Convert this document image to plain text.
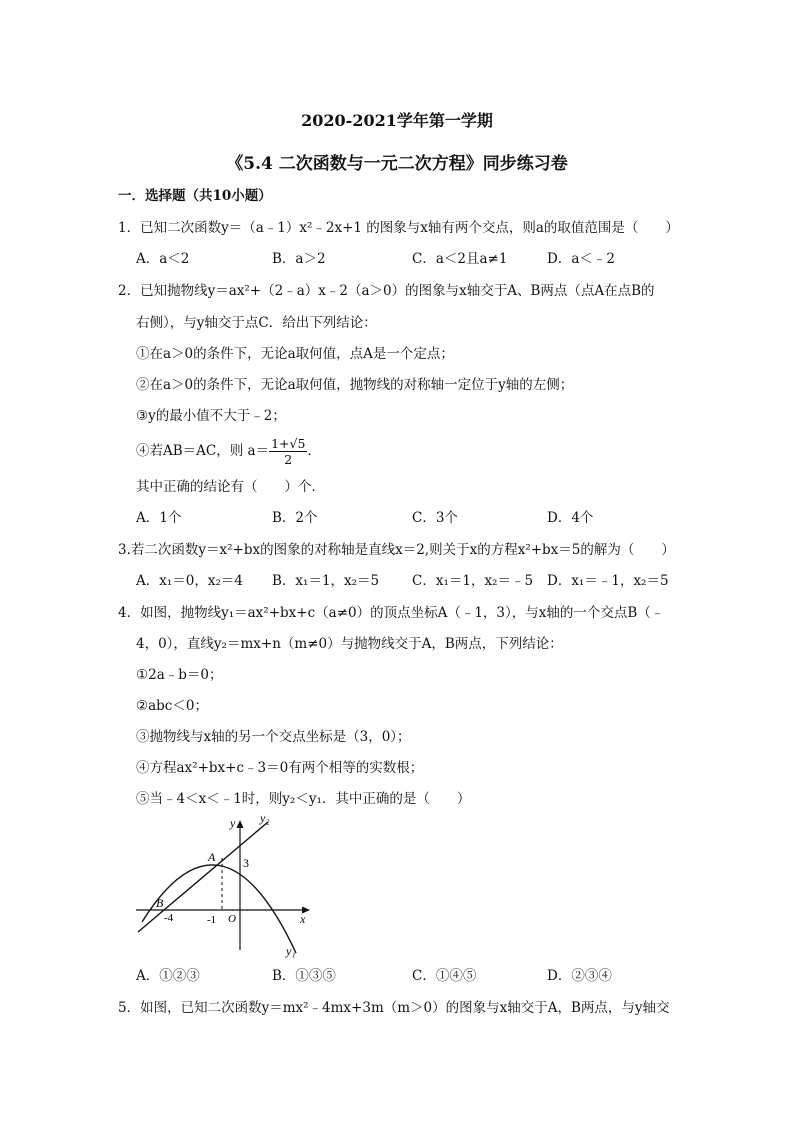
2020-2021学年第一学期
《5.4 二次函数与一元二次方程》同步练习卷
一．选择题（共10小题）
1．已知二次函数y＝（a﹣1）x²﹣2x+1 的图象与x轴有两个交点，则a的取值范围是（　　）
A．a＜2	B．a＞2	C．a＜2且a≠1	D．a＜﹣2
2．已知抛物线y＝ax²+（2﹣a）x﹣2（a＞0）的图象与x轴交于A、B两点（点A在点B的
右侧），与y轴交于点C．给出下列结论：
①在a＞0的条件下，无论a取何值，点A是一个定点；
②在a＞0的条件下，无论a取何值，抛物线的对称轴一定位于y轴的左侧；
③y的最小值不大于﹣2；
④若AB＝AC，则 $a= \frac{1+√5}{2}$ ．
其中正确的结论有（　　）个．
A．1个	B．2个	C．3个	D．4个
3.若二次函数y＝x²+bx的图象的对称轴是直线x＝2,则关于x的方程x²+bx＝5的解为（　　）
A．x₁＝0，x₂＝4 B．x₁＝1，x₂＝5 C．x₁＝1，x₂＝﹣5 D．x₁＝﹣1，x₂＝5
4．如图，抛物线y₁＝ax²+bx+c（a≠0）的顶点坐标A（﹣1，3），与x轴的一个交点B（﹣
4，0），直线y₂＝mx+n（m≠0）与抛物线交于A，B两点，下列结论：
①2a﹣b＝0；
②abc＜0；
③抛物线与x轴的另一个交点坐标是（3，0）；
④方程ax²+bx+c﹣3＝0有两个相等的实数根；
⑤当﹣4＜x＜﹣1时，则y₂＜y₁．其中正确的是（　　）
y y₂
A 3
B
-4	-1 O	x
y₁
A．①②③	B．①③⑤	C．①④⑤	D．②③④
5．如图，已知二次函数y＝mx²﹣4mx+3m（m＞0）的图象与x轴交于A，B两点，与y轴交
